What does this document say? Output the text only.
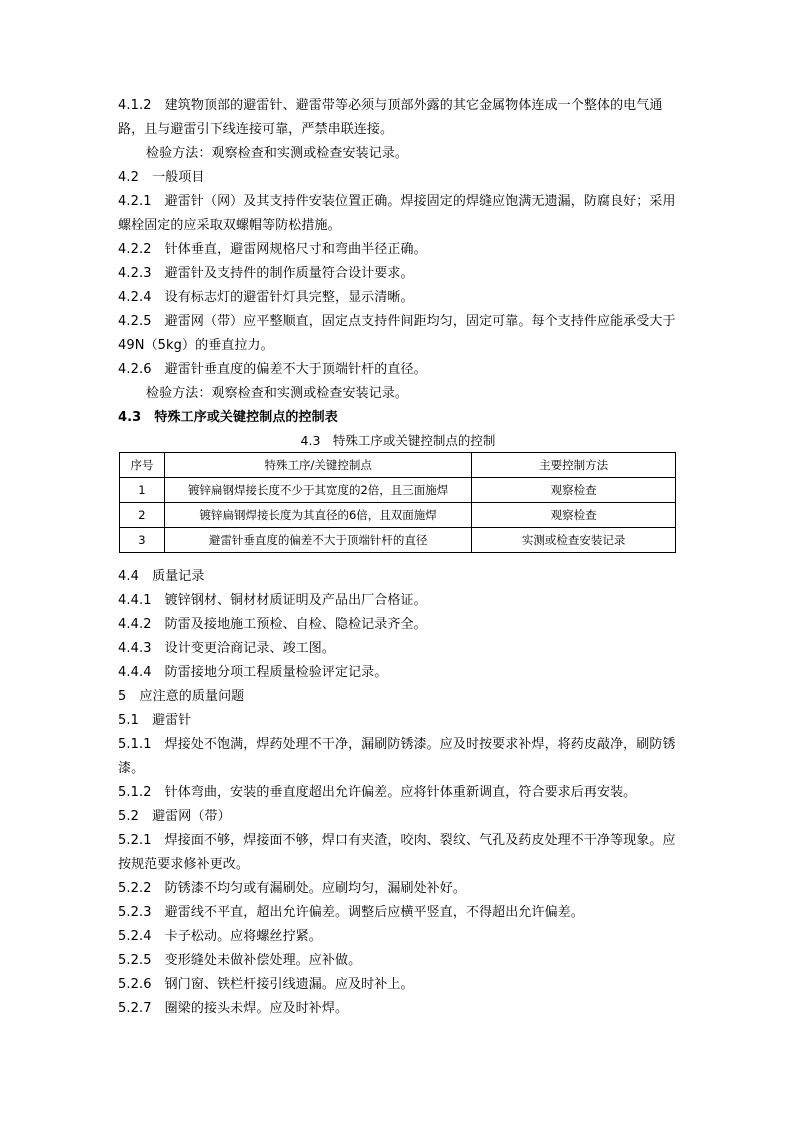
4.1.2　建筑物顶部的避雷针、避雷带等必须与顶部外露的其它金属物体连成一个整体的电气通路，且与避雷引下线连接可靠，严禁串联连接。

检验方法：观察检查和实测或检查安装记录。

4.2　一般项目

4.2.1　避雷针（网）及其支持件安装位置正确。焊接固定的焊缝应饱满无遗漏，防腐良好；采用螺栓固定的应采取双螺帽等防松措施。

4.2.2　针体垂直，避雷网规格尺寸和弯曲半径正确。

4.2.3　避雷针及支持件的制作质量符合设计要求。

4.2.4　设有标志灯的避雷针灯具完整，显示清晰。

4.2.5　避雷网（带）应平整顺直，固定点支持件间距均匀，固定可靠。每个支持件应能承受大于49N（5kg）的垂直拉力。

4.2.6　避雷针垂直度的偏差不大于顶端针杆的直径。

检验方法：观察检查和实测或检查安装记录。

4.3　特殊工序或关键控制点的控制表

4.3　特殊工序或关键控制点的控制
序号	特殊工序/关键控制点	主要控制方法
1	镀锌扁钢焊接长度不少于其宽度的2倍，且三面施焊	观察检查
2	镀锌扁钢焊接长度为其直径的6倍，且双面施焊	观察检查
3	避雷针垂直度的偏差不大于顶端针杆的直径	实测或检查安装记录

4.4　质量记录

4.4.1　镀锌钢材、铜材材质证明及产品出厂合格证。

4.4.2　防雷及接地施工预检、自检、隐检记录齐全。

4.4.3　设计变更洽商记录、竣工图。

4.4.4　防雷接地分项工程质量检验评定记录。

5　应注意的质量问题

5.1　避雷针

5.1.1　焊接处不饱满，焊药处理不干净，漏刷防锈漆。应及时按要求补焊，将药皮敲净，刷防锈漆。

5.1.2　针体弯曲，安装的垂直度超出允许偏差。应将针体重新调直，符合要求后再安装。

5.2　避雷网（带）

5.2.1　焊接面不够，焊接面不够，焊口有夹渣，咬肉、裂纹、气孔及药皮处理不干净等现象。应按规范要求修补更改。

5.2.2　防锈漆不均匀或有漏刷处。应刷均匀，漏刷处补好。

5.2.3　避雷线不平直，超出允许偏差。调整后应横平竖直，不得超出允许偏差。

5.2.4　卡子松动。应将螺丝拧紧。

5.2.5　变形缝处未做补偿处理。应补做。

5.2.6　钢门窗、铁栏杆接引线遗漏。应及时补上。

5.2.7　圈梁的接头未焊。应及时补焊。
